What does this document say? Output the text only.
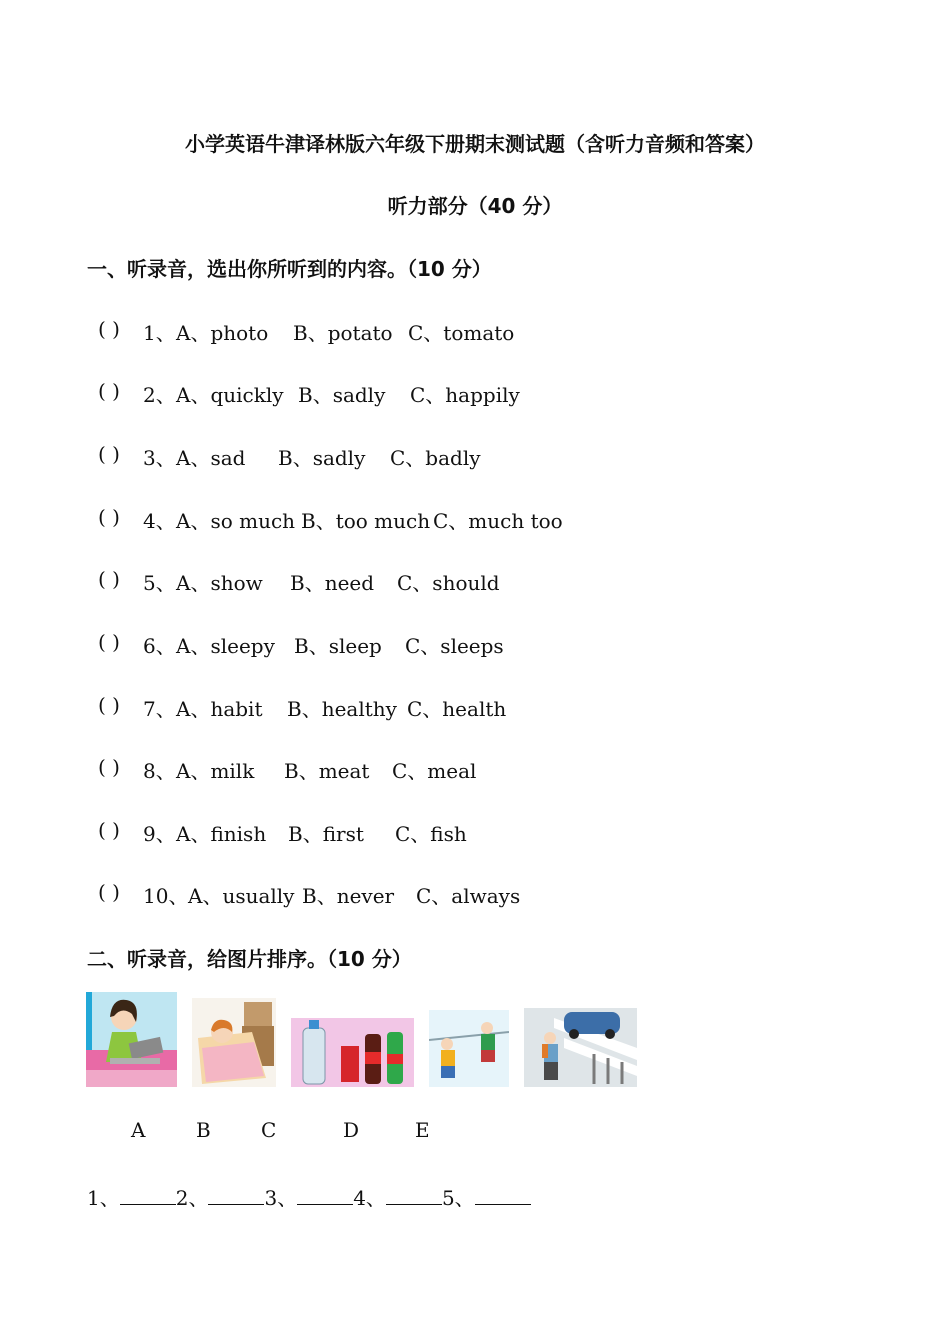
小学英语牛津译林版六年级下册期末测试题（含听力音频和答案）
听力部分（40 分）
一、听录音，选出你所听到的内容。（10 分）
( ) 1、 A、photo B、potato C、tomato
( ) 2、 A、quickly B、sadly C、happily
( ) 3、 A、sad B、sadly C、badly
( ) 4、 A、so much B、too much C、much too
( ) 5、 A、show B、need C、should
( ) 6、 A、sleepy B、sleep C、sleeps
( ) 7、 A、habit B、healthy C、health
( ) 8、 A、milk B、meat C、meal
( ) 9、 A、finish B、first C、fish
( ) 10、 A、usually B、never C、always
二、听录音，给图片排序。（10 分）
A	B	C	D	E
1、	2、	3、	4、	5、
